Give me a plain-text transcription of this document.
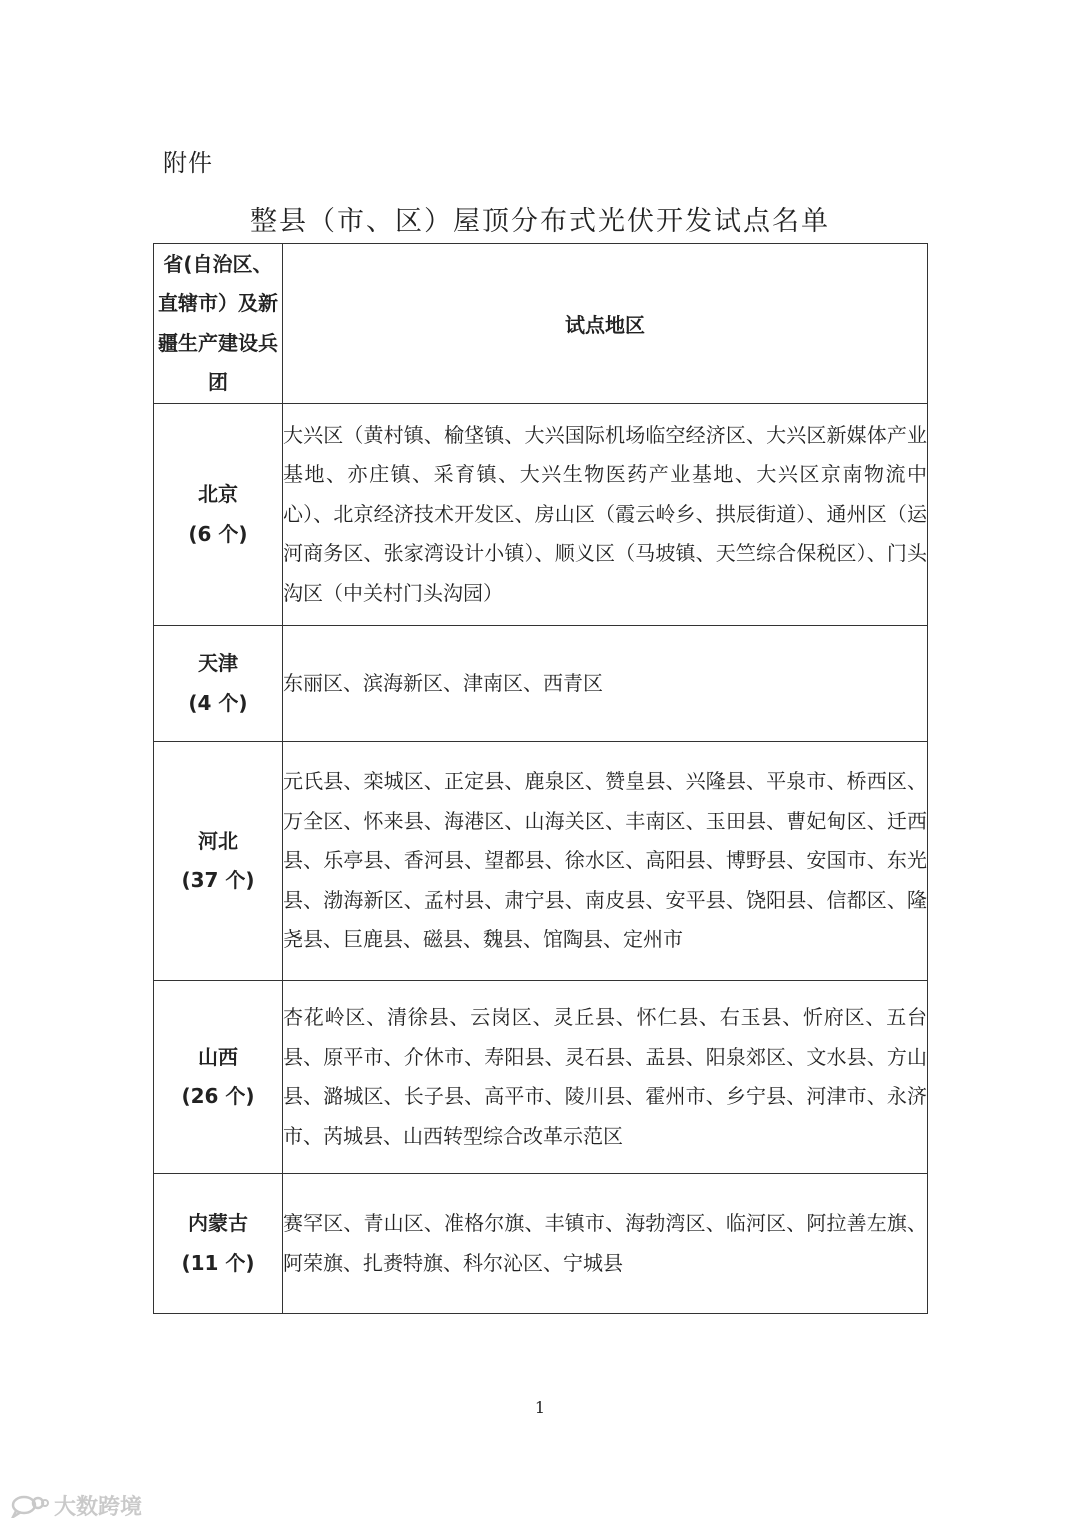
附件
整县（市、区）屋顶分布式光伏开发试点名单
省(自治区、直辖市）及新疆生产建设兵团	试点地区

北京
(6 个)	大兴区（黄村镇、榆垡镇、大兴国际机场临空经济区、大兴区新媒体产业基地、亦庄镇、采育镇、大兴生物医药产业基地、大兴区京南物流中心）、北京经济技术开发区、房山区（霞云岭乡、拱辰街道）、通州区（运河商务区、张家湾设计小镇）、顺义区（马坡镇、天竺综合保税区）、门头沟区（中关村门头沟园）

天津
(4 个)	东丽区、滨海新区、津南区、西青区

河北
(37 个)	元氏县、栾城区、正定县、鹿泉区、赞皇县、兴隆县、平泉市、桥西区、万全区、怀来县、海港区、山海关区、丰南区、玉田县、曹妃甸区、迁西县、乐亭县、香河县、望都县、徐水区、高阳县、博野县、安国市、东光县、渤海新区、孟村县、肃宁县、南皮县、安平县、饶阳县、信都区、隆尧县、巨鹿县、磁县、魏县、馆陶县、定州市

山西
(26 个)	杏花岭区、清徐县、云岗区、灵丘县、怀仁县、右玉县、忻府区、五台县、原平市、介休市、寿阳县、灵石县、盂县、阳泉郊区、文水县、方山县、潞城区、长子县、高平市、陵川县、霍州市、乡宁县、河津市、永济市、芮城县、山西转型综合改革示范区

内蒙古
(11 个)	赛罕区、青山区、准格尔旗、丰镇市、海勃湾区、临河区、阿拉善左旗、阿荣旗、扎赉特旗、科尔沁区、宁城县
1
大数跨境
